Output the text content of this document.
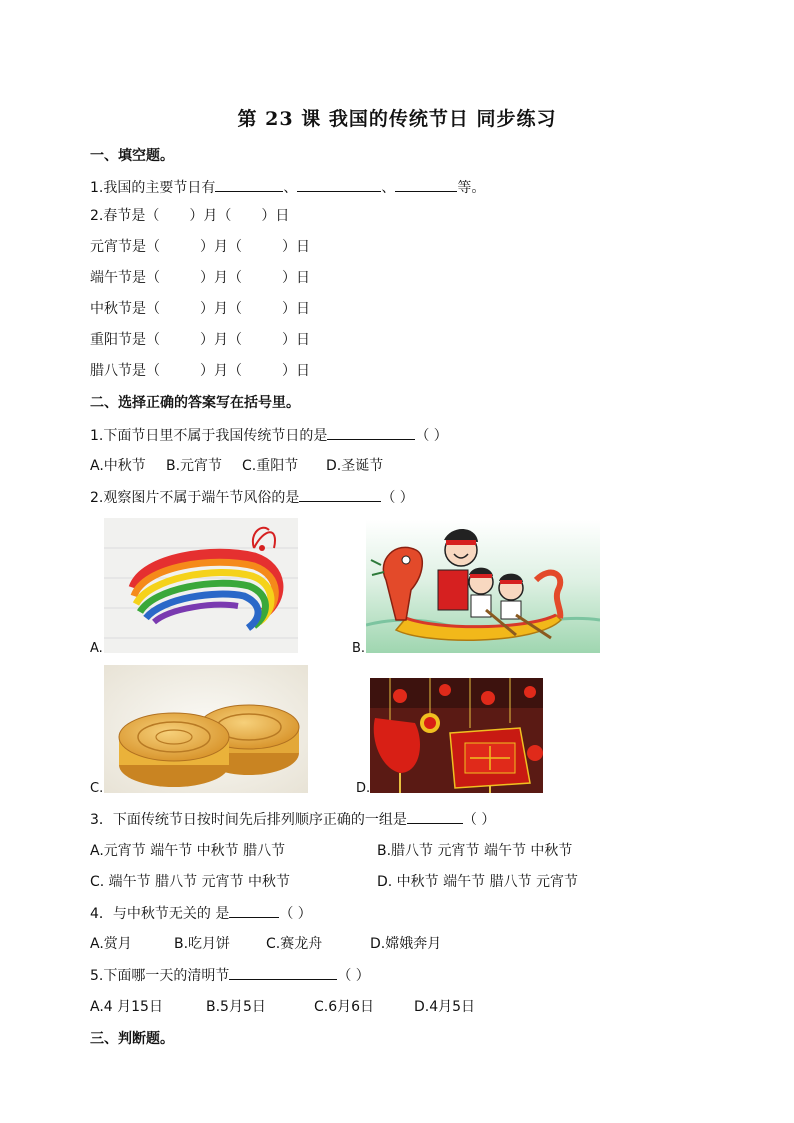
第 23 课 我国的传统节日 同步练习
一、填空题。
1.我国的主要节日有	、	、	等。
2.春节是（ ）月（ ）日
元宵节是（	）月（	）日
端午节是（	）月（	）日
中秋节是（	）月（	）日
重阳节是（	）月（	）日
腊八节是（	）月（	）日
二、选择正确的答案写在括号里。
1.下面节日里不属于我国传统节日的是	（ ）
A.中秋节 B.元宵节 C.重阳节 D.圣诞节
2.观察图片不属于端午节风俗的是	（ ）
A.	B.
C.	D.
3．下面传统节日按时间先后排列顺序正确的一组是	（ ）
A.元宵节 端午节 中秋节 腊八节	B.腊八节 元宵节 端午节 中秋节
C. 端午节 腊八节 元宵节 中秋节	D. 中秋节 端午节 腊八节 元宵节
4．与中秋节无关的 是	（ ）
A.赏月	B.吃月饼	C.赛龙舟	D.嫦娥奔月
5.下面哪一天的清明节	（ ）
A.4 月15日	B.5月5日	C.6月6日	D.4月5日
三、判断题。
